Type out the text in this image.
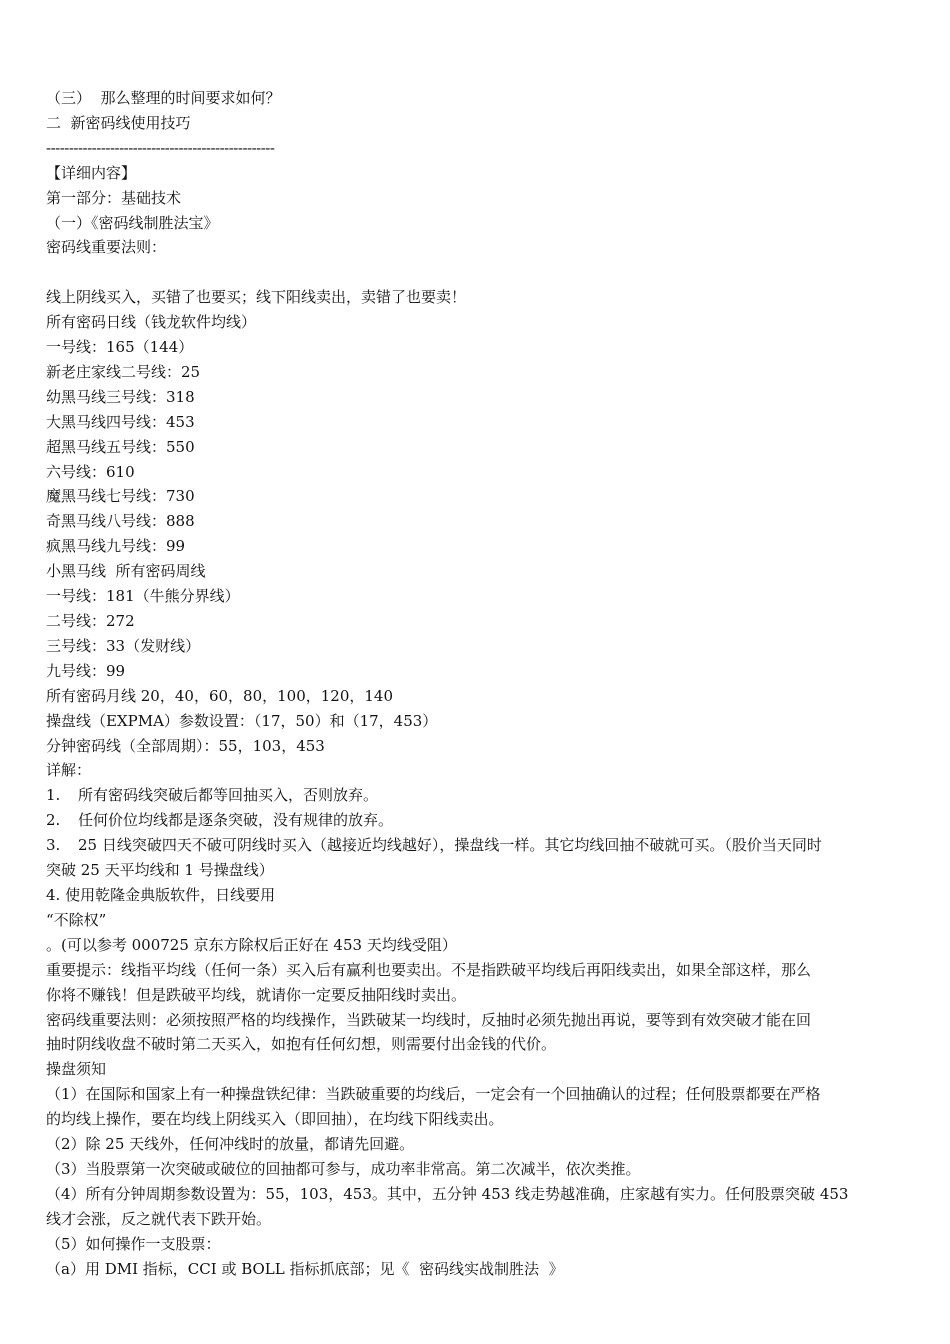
（三）  那么整理的时间要求如何？
二  新密码线使用技巧
--------------------------------------------------
【详细内容】
第一部分：基础技术
（一）《密码线制胜法宝》
密码线重要法则：
线上阴线买入，买错了也要买；线下阳线卖出，卖错了也要卖！
所有密码日线（钱龙软件均线）
一号线：165（144）
新老庄家线二号线：25
幼黑马线三号线：318
大黑马线四号线：453
超黑马线五号线：550
六号线：610
魔黑马线七号线：730
奇黑马线八号线：888
疯黑马线九号线：99
小黑马线  所有密码周线
一号线：181（牛熊分界线）
二号线：272
三号线：33（发财线）
九号线：99
所有密码月线 20，40，60，80，100，120，140
操盘线（EXPMA）参数设置：（17，50）和（17，453）
分钟密码线（全部周期）：55，103，453
详解：
1. 所有密码线突破后都等回抽买入，否则放弃。
2. 任何价位均线都是逐条突破，没有规律的放弃。
3. 25 日线突破四天不破可阴线时买入（越接近均线越好），操盘线一样。其它均线回抽不破就可买。（股价当天同时
突破 25 天平均线和 1 号操盘线）
4. 使用乾隆金典版软件，日线要用
“不除权”
。(可以参考 000725 京东方除权后正好在 453 天均线受阻）
重要提示：线指平均线（任何一条）买入后有赢利也要卖出。不是指跌破平均线后再阳线卖出，如果全部这样，那么
你将不赚钱！但是跌破平均线，就请你一定要反抽阳线时卖出。
密码线重要法则：必须按照严格的均线操作，当跌破某一均线时，反抽时必须先抛出再说，要等到有效突破才能在回
抽时阴线收盘不破时第二天买入，如抱有任何幻想，则需要付出金钱的代价。
操盘须知
（1）在国际和国家上有一种操盘铁纪律：当跌破重要的均线后，一定会有一个回抽确认的过程；任何股票都要在严格
的均线上操作，要在均线上阴线买入（即回抽），在均线下阳线卖出。
（2）除 25 天线外，任何冲线时的放量，都请先回避。
（3）当股票第一次突破或破位的回抽都可参与，成功率非常高。第二次减半，依次类推。
（4）所有分钟周期参数设置为：55，103，453。其中，五分钟 453 线走势越准确，庄家越有实力。任何股票突破 453
线才会涨，反之就代表下跌开始。
（5）如何操作一支股票：
（a）用 DMI 指标，CCI 或 BOLL 指标抓底部；见《  密码线实战制胜法  》
